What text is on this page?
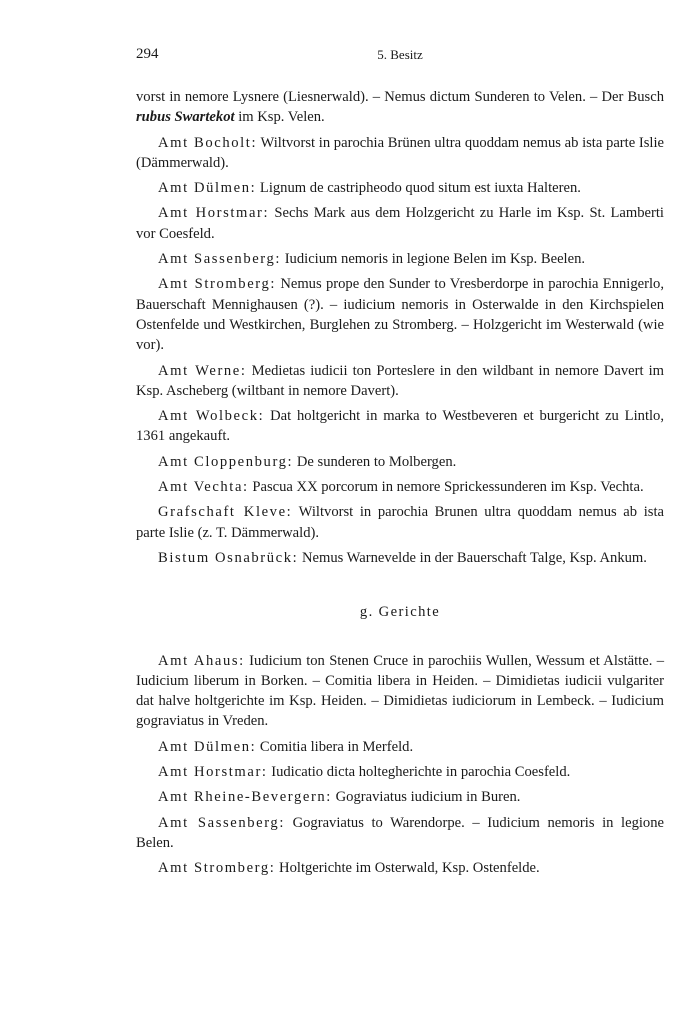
294	5. Besitz

vorst in nemore Lysnere (Liesnerwald). – Nemus dictum Sunderen to Velen. – Der Busch rubus Swartekot im Ksp. Velen.

Amt Bocholt: Wiltvorst in parochia Brünen ultra quoddam nemus ab ista parte Islie (Dämmerwald).

Amt Dülmen: Lignum de castripheodo quod situm est iuxta Halteren.

Amt Horstmar: Sechs Mark aus dem Holzgericht zu Harle im Ksp. St. Lamberti vor Coesfeld.

Amt Sassenberg: Iudicium nemoris in legione Belen im Ksp. Beelen.

Amt Stromberg: Nemus prope den Sunder to Vresberdorpe in parochia Ennigerlo, Bauerschaft Mennighausen (?). – iudicium nemoris in Osterwalde in den Kirchspielen Ostenfelde und Westkirchen, Burglehen zu Stromberg. – Holzgericht im Westerwald (wie vor).

Amt Werne: Medietas iudicii ton Porteslere in den wildbant in nemore Davert im Ksp. Ascheberg (wiltbant in nemore Davert).

Amt Wolbeck: Dat holtgericht in marka to Westbeveren et burgericht zu Lintlo, 1361 angekauft.

Amt Cloppenburg: De sunderen to Molbergen.

Amt Vechta: Pascua XX porcorum in nemore Sprickessunderen im Ksp. Vechta.

Grafschaft Kleve: Wiltvorst in parochia Brunen ultra quoddam nemus ab ista parte Islie (z. T. Dämmerwald).

Bistum Osnabrück: Nemus Warnevelde in der Bauerschaft Talge, Ksp. Ankum.

g. Gerichte

Amt Ahaus: Iudicium ton Stenen Cruce in parochiis Wullen, Wessum et Alstätte. – Iudicium liberum in Borken. – Comitia libera in Heiden. – Dimidietas iudicii vulgariter dat halve holtgerichte im Ksp. Heiden. – Dimidietas iudiciorum in Lembeck. – Iudicium gograviatus in Vreden.

Amt Dülmen: Comitia libera in Merfeld.

Amt Horstmar: Iudicatio dicta holtegherichte in parochia Coesfeld.

Amt Rheine-Bevergern: Gograviatus iudicium in Buren.

Amt Sassenberg: Gograviatus to Warendorpe. – Iudicium nemoris in legione Belen.

Amt Stromberg: Holtgerichte im Osterwald, Ksp. Ostenfelde.
